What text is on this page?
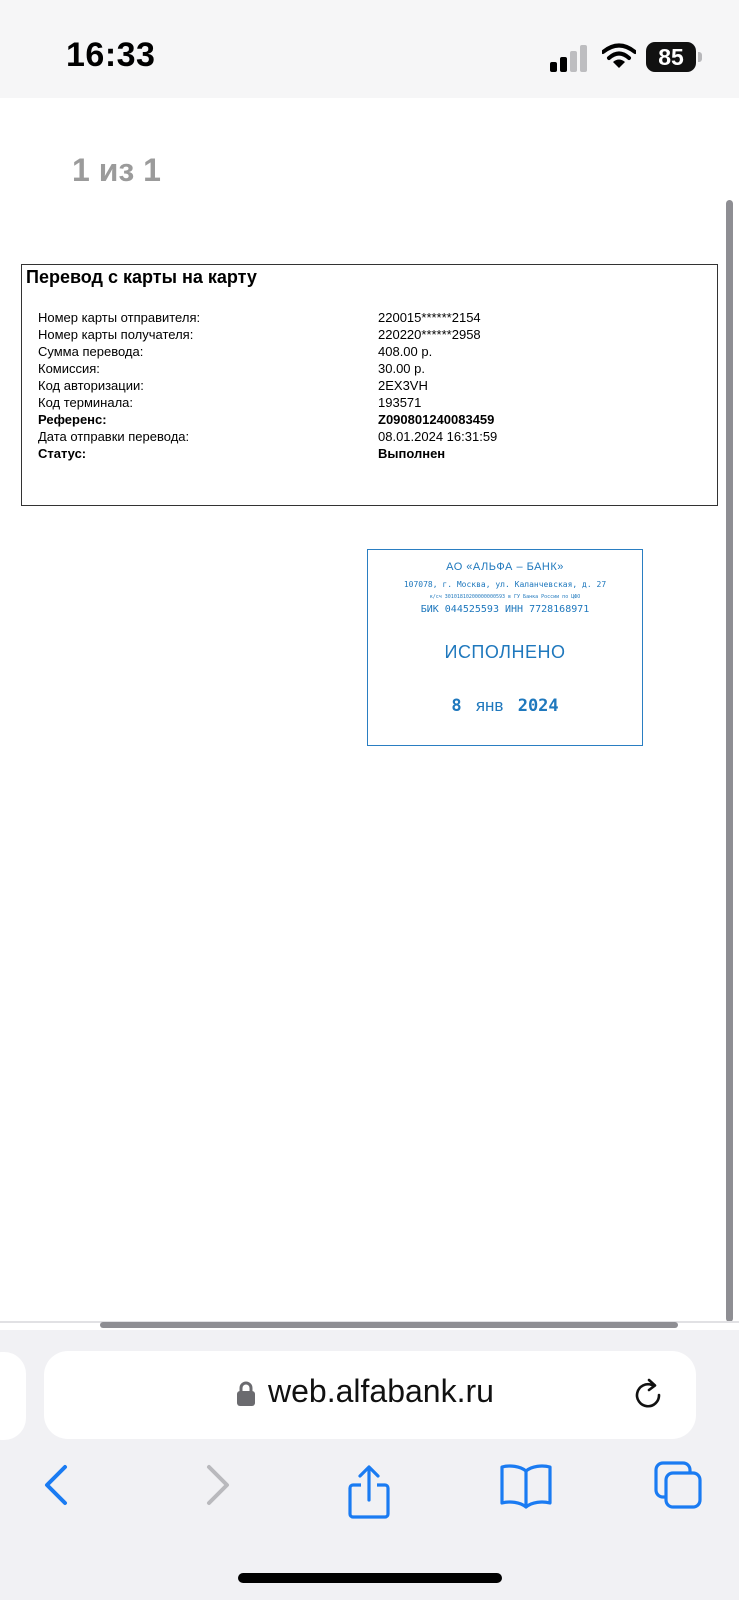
16:33	85
1 из 1
Перевод с карты на карту
Номер карты отправителя:	220015******2154
Номер карты получателя:	220220******2958
Сумма перевода:	408.00 р.
Комиссия:	30.00 р.
Код авторизации:	2EX3VH
Код терминала:	193571
Референс:	Z090801240083459
Дата отправки перевода:	08.01.2024 16:31:59
Статус:	Выполнен
АО «АЛЬФА – БАНК»
107078, г. Москва, ул. Каланчевская, д. 27
к/сч 30101810200000000593 в ГУ Банка России по ЦФО
БИК 044525593 ИНН 7728168971
ИСПОЛНЕНО
8 янв 2024
web.alfabank.ru
